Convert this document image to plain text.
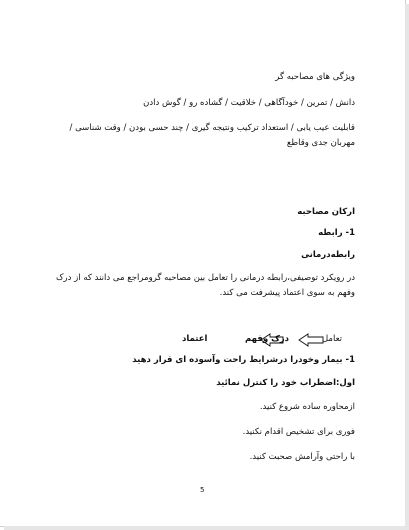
ویژگی های مصاحبه گر
دانش / تمرین / خودآگاهی / خلاقیت / گشاده رو / گوش دادن
قابلیت عیب یابی / استعداد ترکیب ونتیجه گیری / چند حسی بودن / وقت شناسی / مهربان جدی وقاطع
ارکان مصاحبه
1- رابطه
رابطه‌درمانی
در رویکرد توصیفی،رابطه درمانی را تعامل بین مصاحبه گرومراجع می دانند که از درک وفهم به سوی اعتماد پیشرفت می کند.
تعامل
درک وفهم
اعتماد
1- بیمار وخودرا درشرایط راحت وآسوده ای قرار دهید
اول:اضطراب خود را کنترل نمائید
ازمحاوره ساده شروع کنید.
فوری برای تشخیص اقدام نکنید.
با راحتی وآرامش صحبت کنید.
5
